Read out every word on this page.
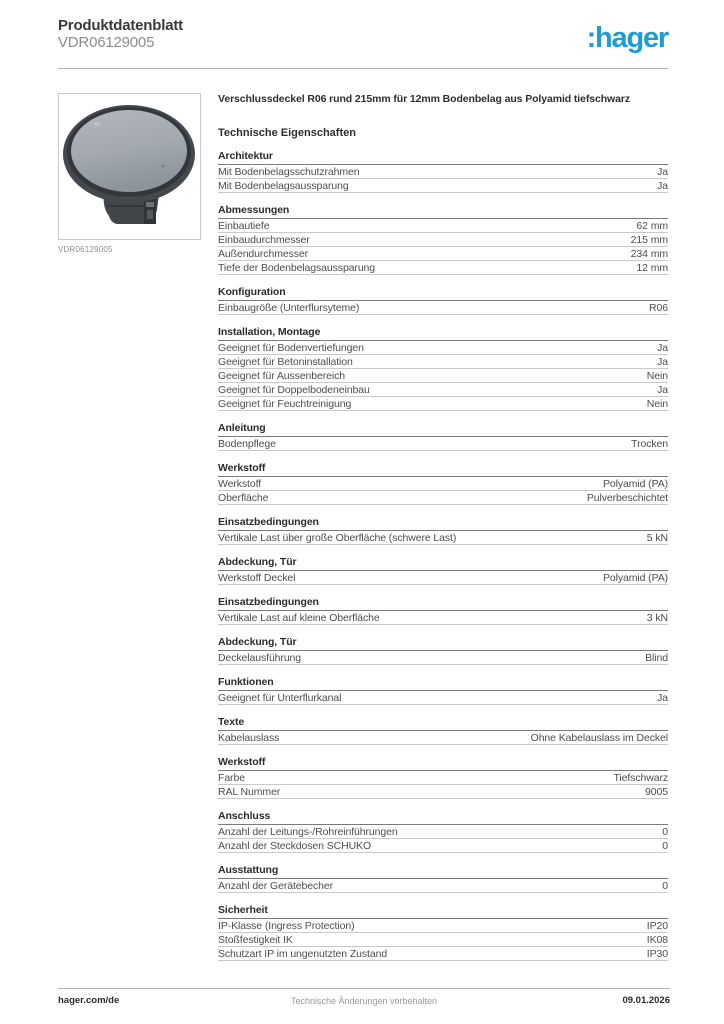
Produktdatenblatt
VDR06129005	:hager
VDR06129005
Verschlussdeckel R06 rund 215mm für 12mm Bodenbelag aus Polyamid tiefschwarz
Technische Eigenschaften
Architektur
Mit Bodenbelagsschutzrahmen	Ja
Mit Bodenbelagsaussparung	Ja
Abmessungen
Einbautiefe	62 mm
Einbaudurchmesser	215 mm
Außendurchmesser	234 mm
Tiefe der Bodenbelagsaussparung	12 mm
Konfiguration
Einbaugröße (Unterflursyteme)	R06
Installation, Montage
Geeignet für Bodenvertiefungen	Ja
Geeignet für Betoninstallation	Ja
Geeignet für Aussenbereich	Nein
Geeignet für Doppelbodeneinbau	Ja
Geeignet für Feuchtreinigung	Nein
Anleitung
Bodenpflege	Trocken
Werkstoff
Werkstoff	Polyamid (PA)
Oberfläche	Pulverbeschichtet
Einsatzbedingungen
Vertikale Last über große Oberfläche (schwere Last)	5 kN
Abdeckung, Tür
Werkstoff Deckel	Polyamid (PA)
Einsatzbedingungen
Vertikale Last auf kleine Oberfläche	3 kN
Abdeckung, Tür
Deckelausführung	Blind
Funktionen
Geeignet für Unterflurkanal	Ja
Texte
Kabelauslass	Ohne Kabelauslass im Deckel
Werkstoff
Farbe	Tiefschwarz
RAL Nummer	9005
Anschluss
Anzahl der Leitungs-/Rohreinführungen	0
Anzahl der Steckdosen SCHUKO	0
Ausstattung
Anzahl der Gerätebecher	0
Sicherheit
IP-Klasse (Ingress Protection)	IP20
Stoßfestigkeit IK	IK08
Schutzart IP im ungenutzten Zustand	IP30
Technische Änderungen vorbehalten
hager.com/de	09.01.2026
